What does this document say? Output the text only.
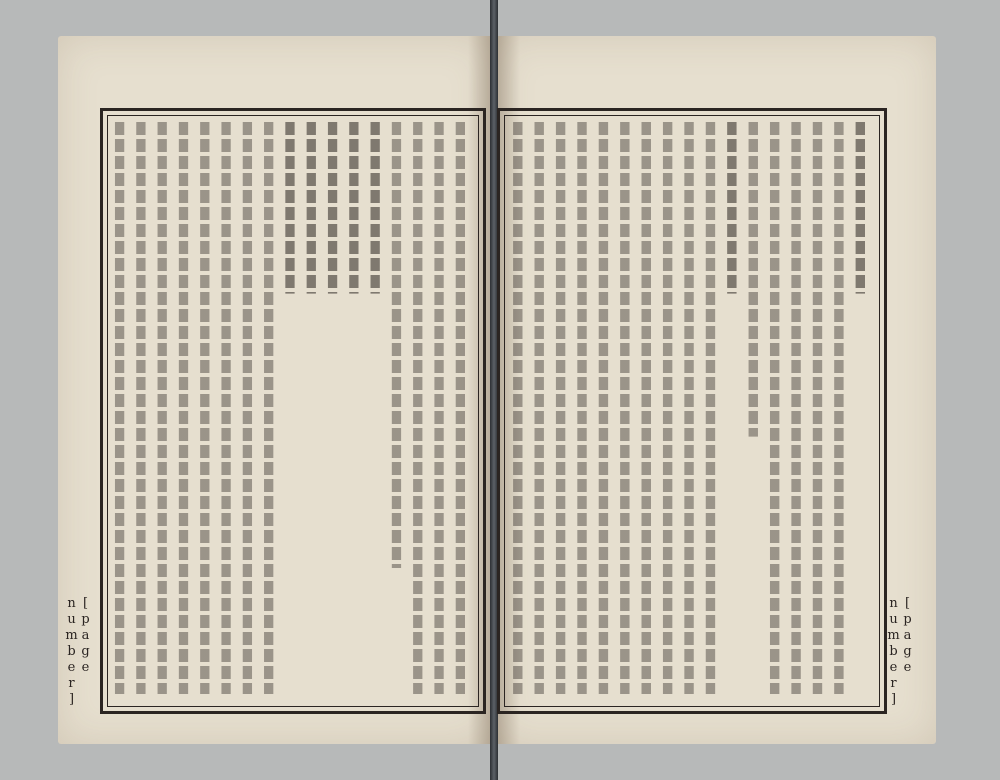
[page number]	[page number]
